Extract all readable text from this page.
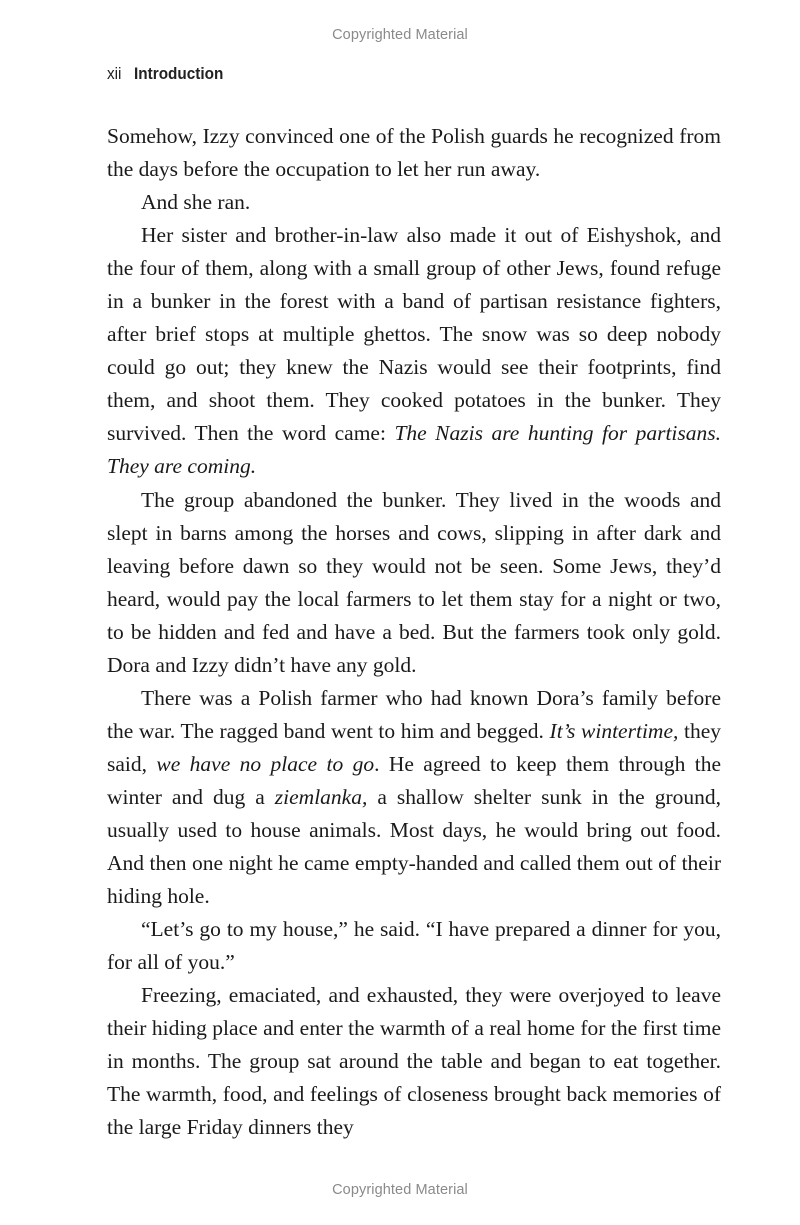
Copyrighted Material
xii Introduction

Somehow, Izzy convinced one of the Polish guards he recognized from the days before the occupation to let her run away.

And she ran.

Her sister and brother-in-law also made it out of Eishyshok, and the four of them, along with a small group of other Jews, found refuge in a bunker in the forest with a band of partisan resistance fighters, after brief stops at multiple ghettos. The snow was so deep nobody could go out; they knew the Nazis would see their footprints, find them, and shoot them. They cooked potatoes in the bunker. They survived. Then the word came: The Nazis are hunting for partisans. They are coming.

The group abandoned the bunker. They lived in the woods and slept in barns among the horses and cows, slipping in after dark and leaving before dawn so they would not be seen. Some Jews, they’d heard, would pay the local farmers to let them stay for a night or two, to be hidden and fed and have a bed. But the farmers took only gold. Dora and Izzy didn’t have any gold.

There was a Polish farmer who had known Dora’s family before the war. The ragged band went to him and begged. It’s wintertime, they said, we have no place to go. He agreed to keep them through the winter and dug a ziemlanka, a shallow shelter sunk in the ground, usually used to house animals. Most days, he would bring out food. And then one night he came empty-handed and called them out of their hiding hole.

“Let’s go to my house,” he said. “I have prepared a dinner for you, for all of you.”

Freezing, emaciated, and exhausted, they were overjoyed to leave their hiding place and enter the warmth of a real home for the first time in months. The group sat around the table and began to eat together. The warmth, food, and feelings of closeness brought back memories of the large Friday dinners they

Copyrighted Material
